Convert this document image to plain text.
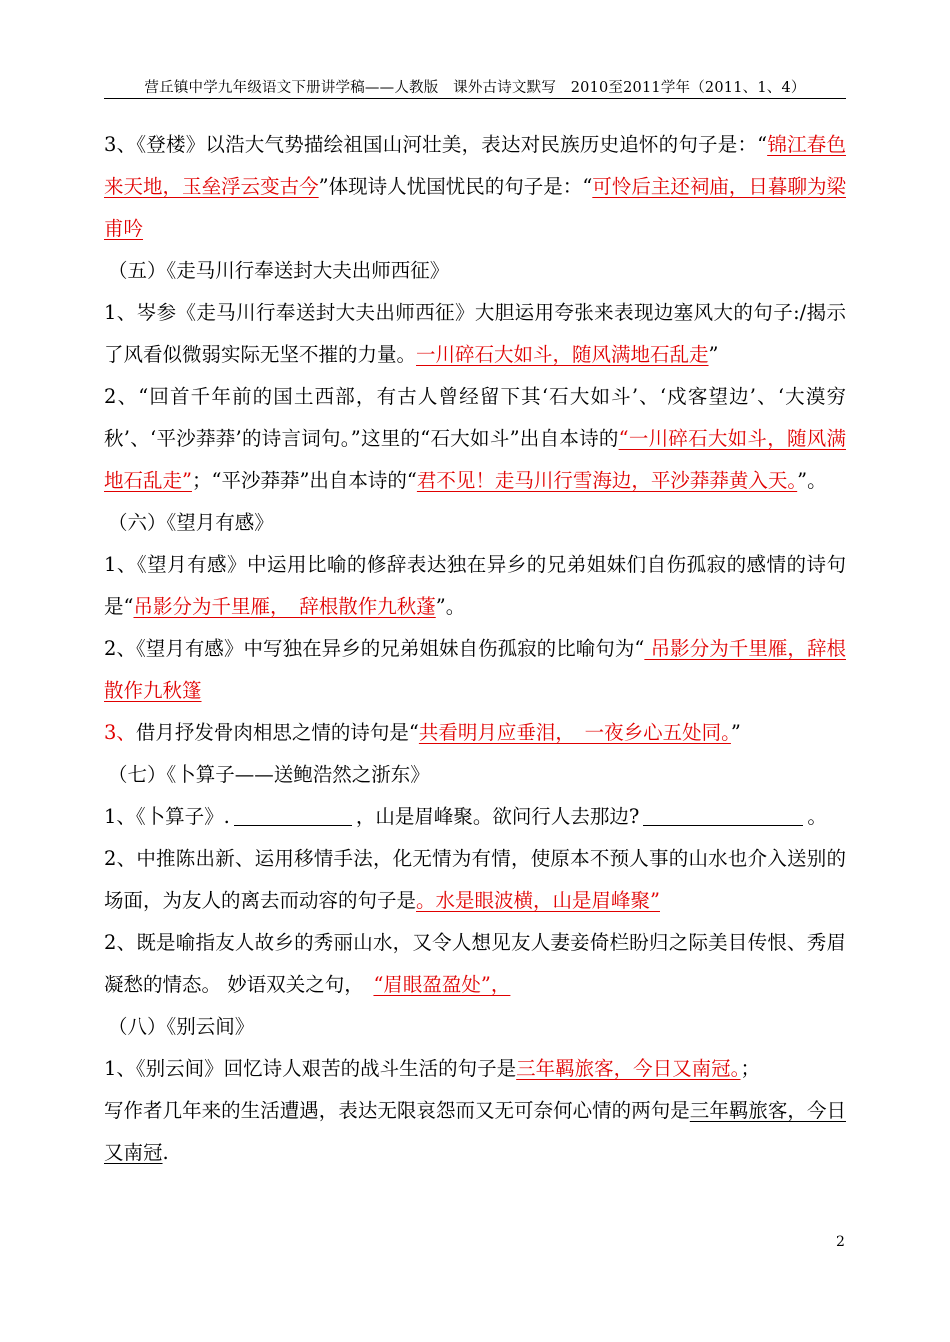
营丘镇中学九年级语文下册讲学稿——人教版　课外古诗文默写　2010至2011学年（2011、1、4）

3、《登楼》以浩大气势描绘祖国山河壮美，表达对民族历史追怀的句子是：“锦江春色来天地，玉垒浮云变古今”体现诗人忧国忧民的句子是：“可怜后主还祠庙，日暮聊为梁甫吟

（五）《走马川行奉送封大夫出师西征》

1、岑参《走马川行奉送封大夫出师西征》大胆运用夸张来表现边塞风大的句子:/揭示了风看似微弱实际无坚不摧的力量。一川碎石大如斗，随风满地石乱走”

2、“回首千年前的国土西部，有古人曾经留下其‘石大如斗’、‘戍客望边’、‘大漠穷秋’、‘平沙莽莽’的诗言词句。”这里的“石大如斗”出自本诗的“一川碎石大如斗，随风满地石乱走”；“平沙莽莽”出自本诗的“君不见！走马川行雪海边，平沙莽莽黄入天。”。

（六）《望月有感》

1、《望月有感》中运用比喻的修辞表达独在异乡的兄弟姐妹们自伤孤寂的感情的诗句是“吊影分为千里雁，　辞根散作九秋蓬”。

2、《望月有感》中写独在异乡的兄弟姐妹自伤孤寂的比喻句为“ 吊影分为千里雁，辞根散作九秋篷

3、借月抒发骨肉相思之情的诗句是“共看明月应垂泪，　一夜乡心五处同。”

（七）《卜算子——送鲍浩然之浙东》

1、《卜算子》.	，山是眉峰聚。欲问行人去那边?	。

2、中推陈出新、运用移情手法，化无情为有情，使原本不预人事的山水也介入送别的场面，为友人的离去而动容的句子是。水是眼波横，山是眉峰聚”

2、既是喻指友人故乡的秀丽山水，又令人想见友人妻妾倚栏盼归之际美目传恨、秀眉凝愁的情态。 妙语双关之句，　“眉眼盈盈处”，

（八）《别云间》

1、《别云间》回忆诗人艰苦的战斗生活的句子是三年羁旅客，今日又南冠。；

写作者几年来的生活遭遇，表达无限哀怨而又无可奈何心情的两句是三年羁旅客，今日又南冠.

2
